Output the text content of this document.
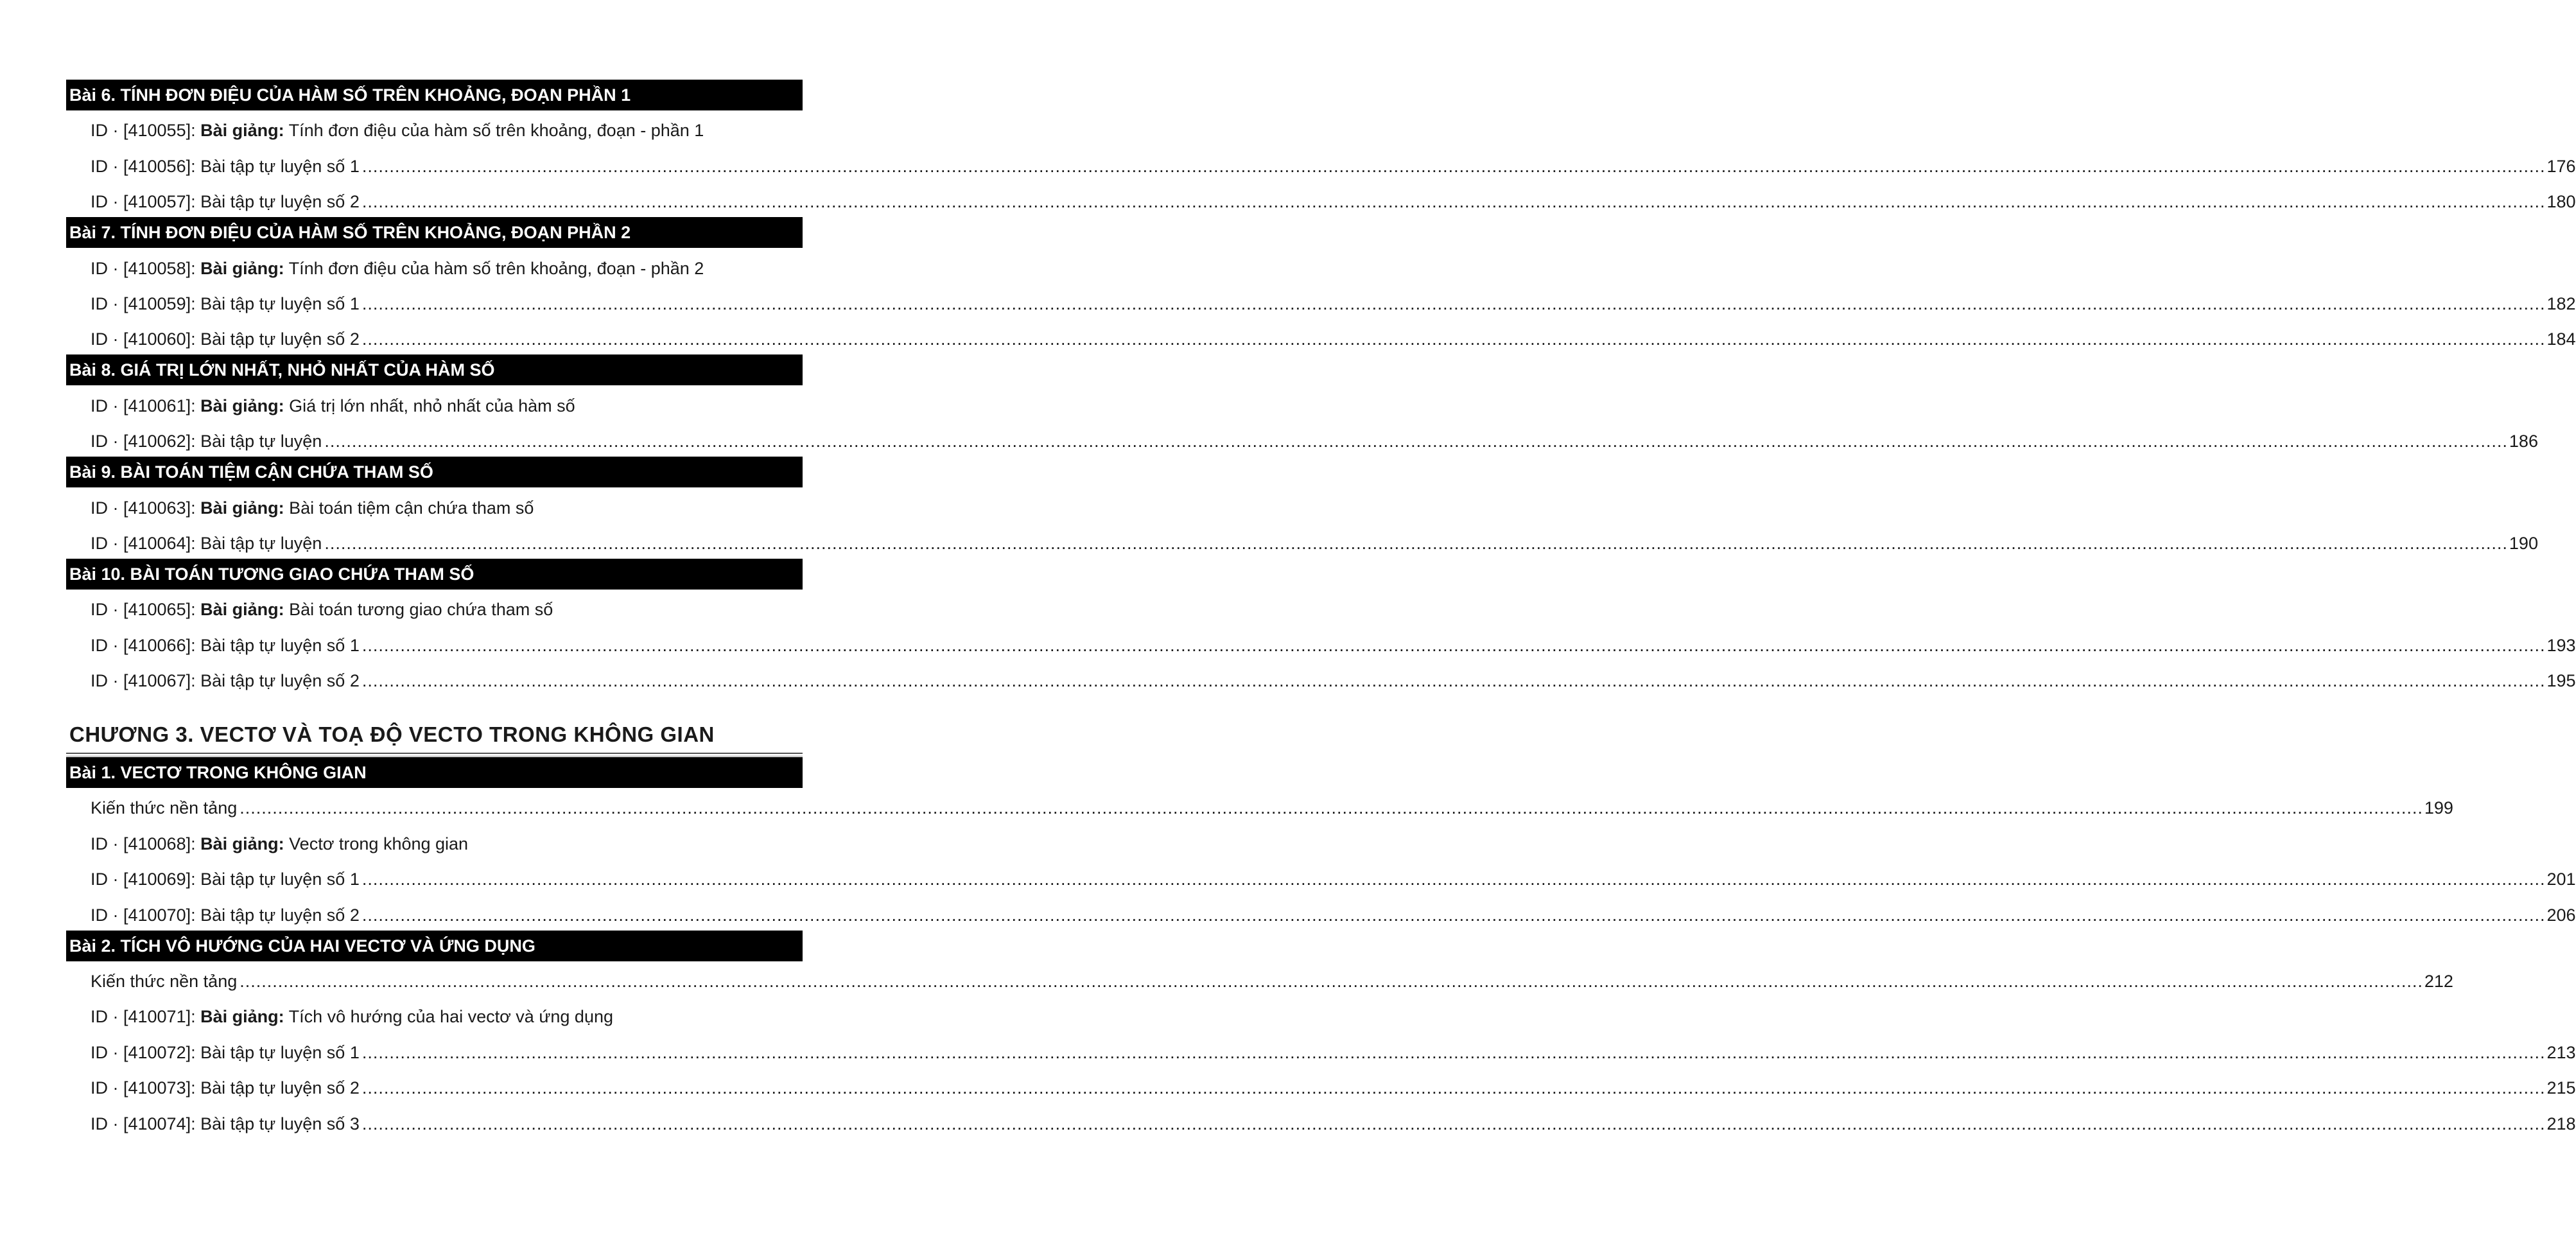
Bài 6. TÍNH ĐƠN ĐIỆU CỦA HÀM SỐ TRÊN KHOẢNG, ĐOẠN PHẦN 1
ID · [410055]: Bài giảng: Tính đơn điệu của hàm số trên khoảng, đoạn - phần 1
ID · [410056]: Bài tập tự luyện số 1 ................................................................................................................................................................................................................................................................................................................................................................................................................ 176
ID · [410057]: Bài tập tự luyện số 2 ................................................................................................................................................................................................................................................................................................................................................................................................................ 180
Bài 7. TÍNH ĐƠN ĐIỆU CỦA HÀM SỐ TRÊN KHOẢNG, ĐOẠN PHẦN 2
ID · [410058]: Bài giảng: Tính đơn điệu của hàm số trên khoảng, đoạn - phần 2
ID · [410059]: Bài tập tự luyện số 1 ................................................................................................................................................................................................................................................................................................................................................................................................................ 182
ID · [410060]: Bài tập tự luyện số 2 ................................................................................................................................................................................................................................................................................................................................................................................................................ 184
Bài 8. GIÁ TRỊ LỚN NHẤT, NHỎ NHẤT CỦA HÀM SỐ
ID · [410061]: Bài giảng: Giá trị lớn nhất, nhỏ nhất của hàm số
ID · [410062]: Bài tập tự luyện ................................................................................................................................................................................................................................................................................................................................................................................................................ 186
Bài 9. BÀI TOÁN TIỆM CẬN CHỨA THAM SỐ
ID · [410063]: Bài giảng: Bài toán tiệm cận chứa tham số
ID · [410064]: Bài tập tự luyện ................................................................................................................................................................................................................................................................................................................................................................................................................ 190
Bài 10. BÀI TOÁN TƯƠNG GIAO CHỨA THAM SỐ
ID · [410065]: Bài giảng: Bài toán tương giao chứa tham số
ID · [410066]: Bài tập tự luyện số 1 ................................................................................................................................................................................................................................................................................................................................................................................................................ 193
ID · [410067]: Bài tập tự luyện số 2 ................................................................................................................................................................................................................................................................................................................................................................................................................ 195
CHƯƠNG 3. VECTƠ VÀ TOẠ ĐỘ VECTO TRONG KHÔNG GIAN
Bài 1. VECTƠ TRONG KHÔNG GIAN
Kiến thức nền tảng ................................................................................................................................................................................................................................................................................................................................................................................................................ 199
ID · [410068]: Bài giảng: Vectơ trong không gian
ID · [410069]: Bài tập tự luyện số 1 ................................................................................................................................................................................................................................................................................................................................................................................................................ 201
ID · [410070]: Bài tập tự luyện số 2 ................................................................................................................................................................................................................................................................................................................................................................................................................ 206
Bài 2. TÍCH VÔ HƯỚNG CỦA HAI VECTƠ VÀ ỨNG DỤNG
Kiến thức nền tảng ................................................................................................................................................................................................................................................................................................................................................................................................................ 212
ID · [410071]: Bài giảng: Tích vô hướng của hai vectơ và ứng dụng
ID · [410072]: Bài tập tự luyện số 1 ................................................................................................................................................................................................................................................................................................................................................................................................................ 213
ID · [410073]: Bài tập tự luyện số 2 ................................................................................................................................................................................................................................................................................................................................................................................................................ 215
ID · [410074]: Bài tập tự luyện số 3 ................................................................................................................................................................................................................................................................................................................................................................................................................ 218
